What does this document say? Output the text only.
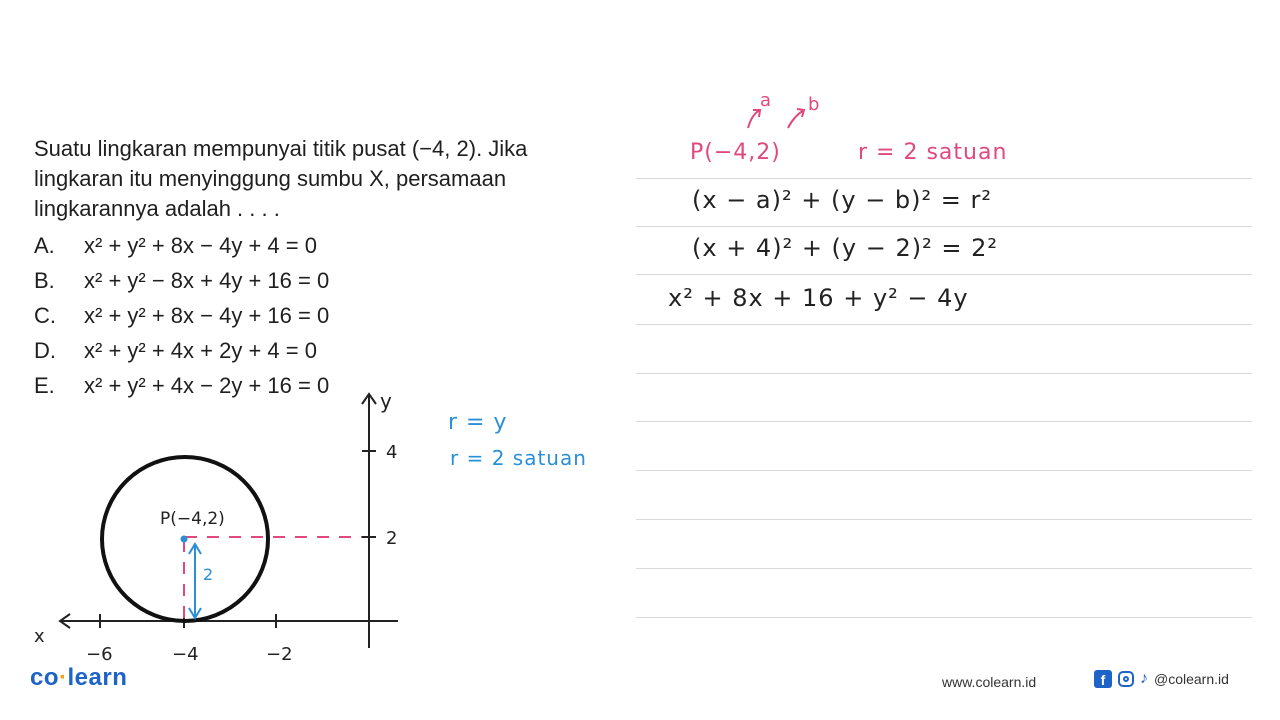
Suatu lingkaran mempunyai titik pusat (−4, 2). Jika

lingkaran itu menyinggung sumbu X, persamaan

lingkarannya adalah . . . .

A.	x² + y² + 8x − 4y + 4 = 0
B.	x² + y² − 8x + 4y + 16 = 0
C.	x² + y² + 8x − 4y + 16 = 0
D.	x² + y² + 4x + 2y + 4 = 0
E.	x² + y² + 4x − 2y + 16 = 0
y
x
4
2
−6	−4	−2
P(−4,2)
2
r = y
r = 2 satuan
a b
P(−4,2)	r = 2 satuan
(x − a)² + (y − b)² = r²
(x + 4)² + (y − 2)² = 2²
x² + 8x + 16 + y² − 4y
co·learn	www.colearn.id	f	♪ @colearn.id
